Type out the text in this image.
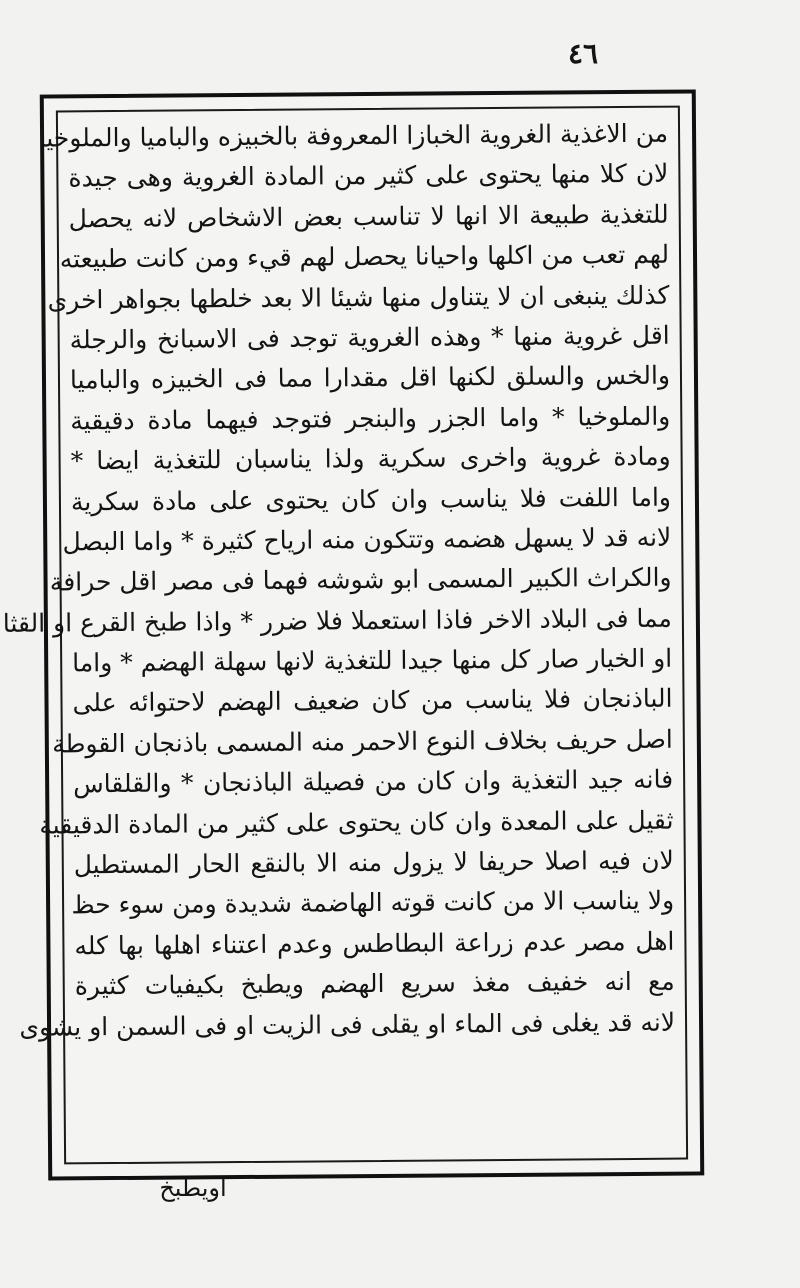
٤٦
من الاغذية الغروية الخبازا المعروفة بالخبيزه والباميا والملوخيا
لان كلا منها يحتوى على كثير من المادة الغروية وهى جيدة
للتغذية طبيعة الا انها لا تناسب بعض الاشخاص لانه يحصل
لهم تعب من اكلها واحيانا يحصل لهم قيء ومن كانت طبيعته
كذلك ينبغى ان لا يتناول منها شيئا الا بعد خلطها بجواهر اخرى
اقل غروية منها * وهذه الغروية توجد فى الاسبانخ والرجلة
والخس والسلق لكنها اقل مقدارا مما فى الخبيزه والباميا
والملوخيا * واما الجزر والبنجر فتوجد فيهما مادة دقيقية
ومادة غروية واخرى سكرية ولذا يناسبان للتغذية ايضا *
واما اللفت فلا يناسب وان كان يحتوى على مادة سكرية
لانه قد لا يسهل هضمه وتتكون منه ارياح كثيرة * واما البصل
والكراث الكبير المسمى ابو شوشه فهما فى مصر اقل حرافة
مما فى البلاد الاخر فاذا استعملا فلا ضرر * واذا طبخ القرع او القثا
او الخيار صار كل منها جيدا للتغذية لانها سهلة الهضم * واما
الباذنجان فلا يناسب من كان ضعيف الهضم لاحتوائه على
اصل حريف بخلاف النوع الاحمر منه المسمى باذنجان القوطة
فانه جيد التغذية وان كان من فصيلة الباذنجان * والقلقاس
ثقيل على المعدة وان كان يحتوى على كثير من المادة الدقيقية
لان فيه اصلا حريفا لا يزول منه الا بالنقع الحار المستطيل
ولا يناسب الا من كانت قوته الهاضمة شديدة ومن سوء حظ
اهل مصر عدم زراعة البطاطس وعدم اعتناء اهلها بها كله
مع انه خفيف مغذ سريع الهضم ويطبخ بكيفيات كثيرة
لانه قد يغلى فى الماء او يقلى فى الزيت او فى السمن او يشوى
اويطبخ
